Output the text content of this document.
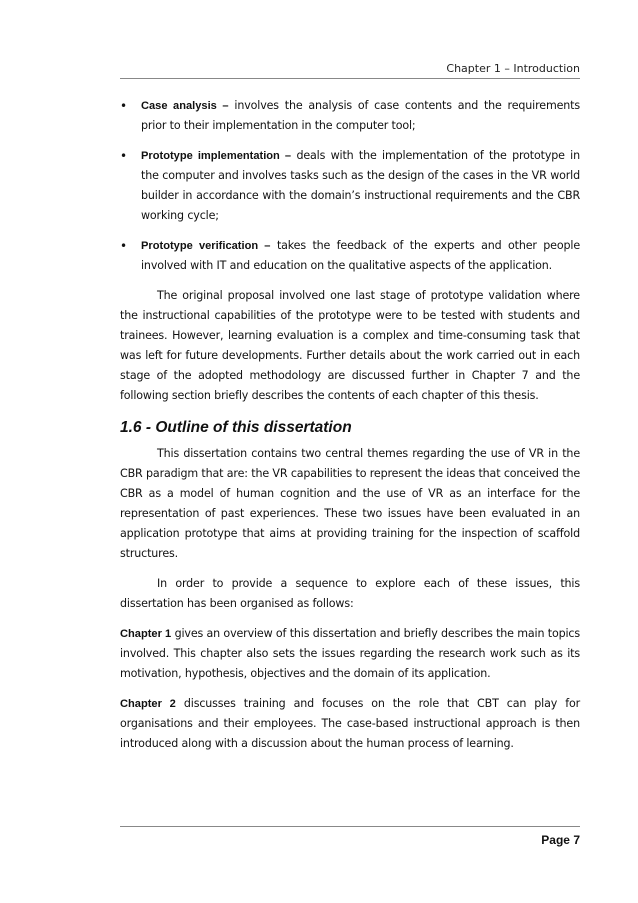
Chapter 1 – Introduction
• Case analysis – involves the analysis of case contents and the requirements prior to their implementation in the computer tool;
• Prototype implementation – deals with the implementation of the prototype in the computer and involves tasks such as the design of the cases in the VR world builder in accordance with the domain’s instructional requirements and the CBR working cycle;
• Prototype verification – takes the feedback of the experts and other people involved with IT and education on the qualitative aspects of the application.

The original proposal involved one last stage of prototype validation where the instructional capabilities of the prototype were to be tested with students and trainees. However, learning evaluation is a complex and time-consuming task that was left for future developments. Further details about the work carried out in each stage of the adopted methodology are discussed further in Chapter 7 and the following section briefly describes the contents of each chapter of this thesis.

1.6 - Outline of this dissertation

This dissertation contains two central themes regarding the use of VR in the CBR paradigm that are: the VR capabilities to represent the ideas that conceived the CBR as a model of human cognition and the use of VR as an interface for the representation of past experiences. These two issues have been evaluated in an application prototype that aims at providing training for the inspection of scaffold structures.

In order to provide a sequence to explore each of these issues, this dissertation has been organised as follows:

Chapter 1 gives an overview of this dissertation and briefly describes the main topics involved. This chapter also sets the issues regarding the research work such as its motivation, hypothesis, objectives and the domain of its application.

Chapter 2 discusses training and focuses on the role that CBT can play for organisations and their employees. The case-based instructional approach is then introduced along with a discussion about the human process of learning.

Page 7
